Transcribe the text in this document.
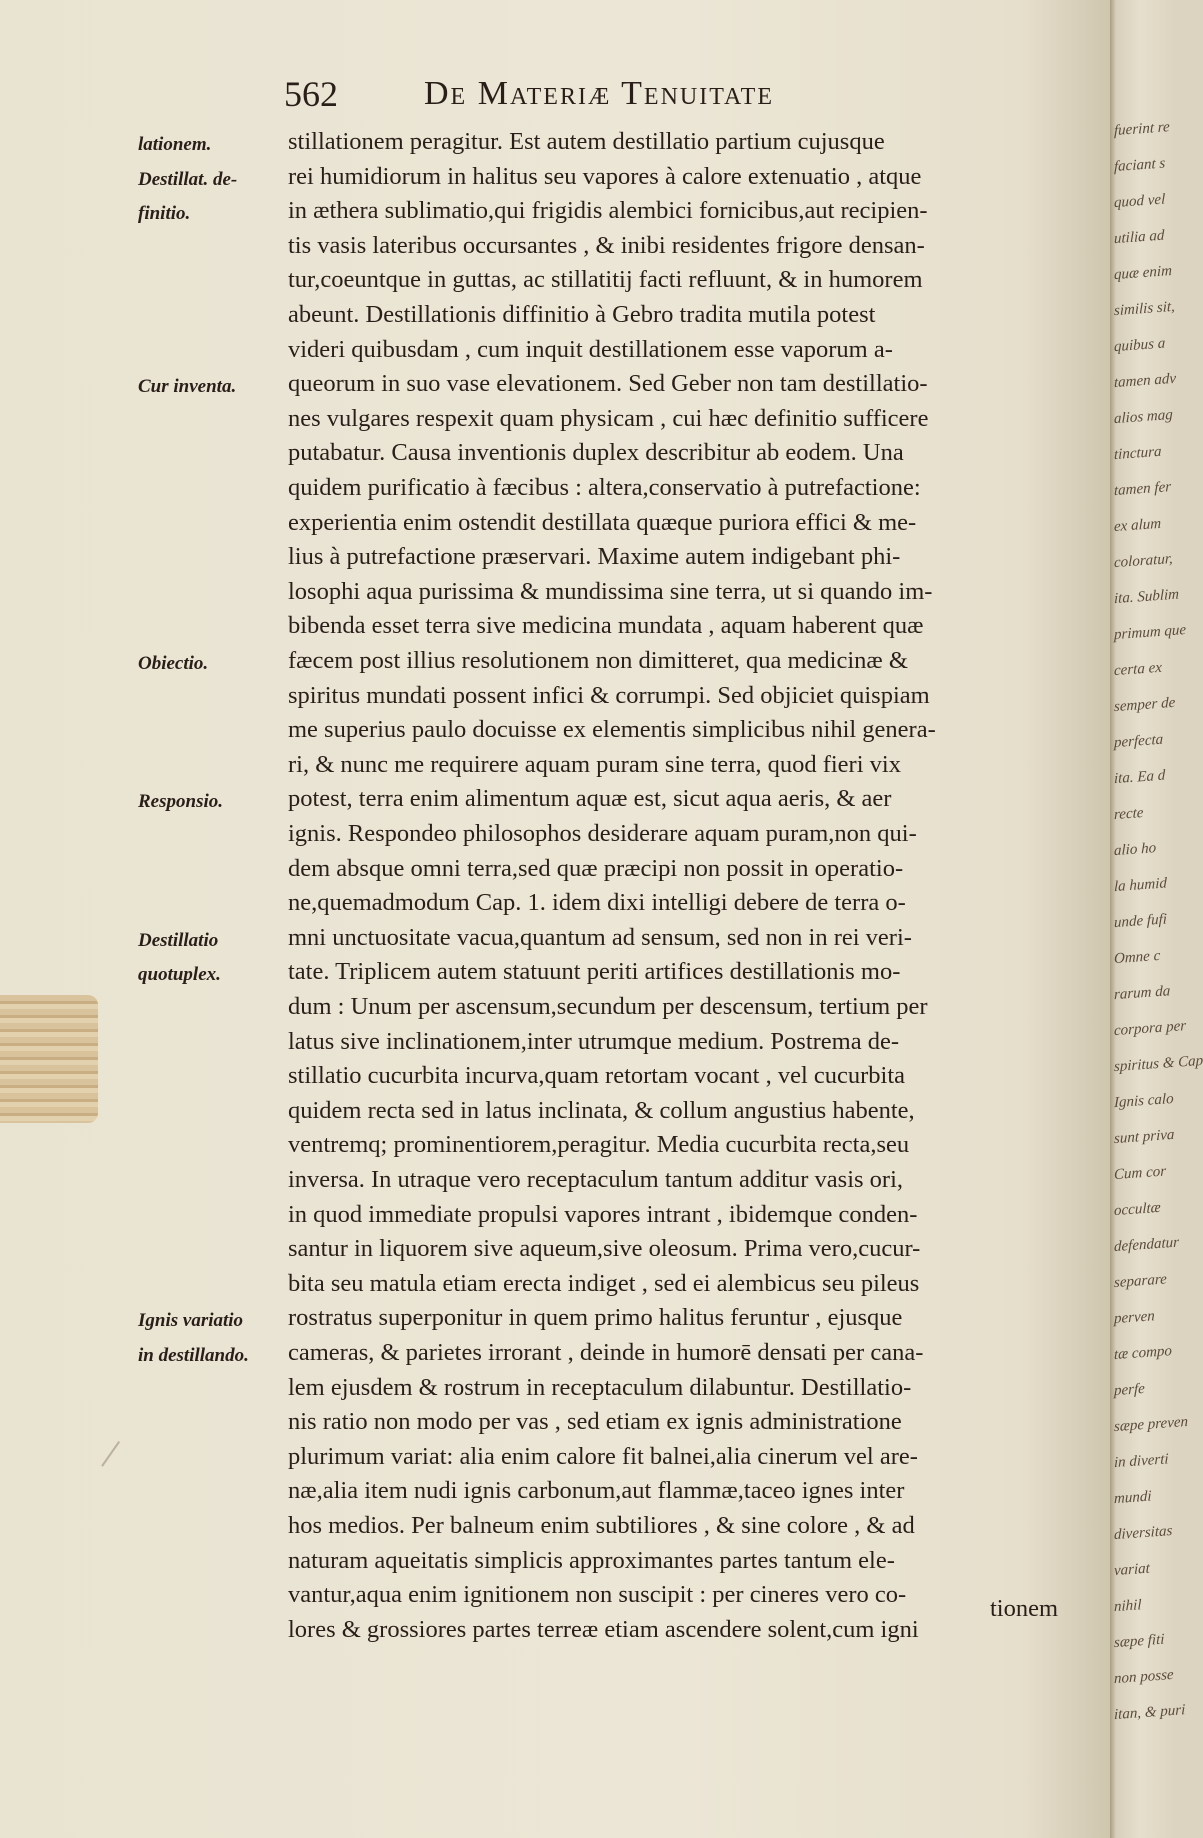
562	De Materiæ Tenuitate
lationem.
Destillat. de-
finitio.
Cur inventa.
Obiectio.
Responsio.
Destillatio
quotuplex.
Ignis variatio
in destillando.
stillationem peragitur. Est autem destillatio partium cujusque
rei humidiorum in halitus seu vapores à calore extenuatio , atque
in æthera sublimatio,qui frigidis alembici fornicibus,aut recipien-
tis vasis lateribus occursantes , & inibi residentes frigore densan-
tur,coeuntque in guttas, ac stillatitij facti refluunt, & in humorem
abeunt. Destillationis diffinitio à Gebro tradita mutila potest
videri quibusdam , cum inquit destillationem esse vaporum a-
queorum in suo vase elevationem. Sed Geber non tam destillatio-
nes vulgares respexit quam physicam , cui hæc definitio sufficere
putabatur. Causa inventionis duplex describitur ab eodem. Una
quidem purificatio à fæcibus : altera,conservatio à putrefactione:
experientia enim ostendit destillata quæque puriora effici & me-
lius à putrefactione præservari. Maxime autem indigebant phi-
losophi aqua purissima & mundissima sine terra, ut si quando im-
bibenda esset terra sive medicina mundata , aquam haberent quæ
fæcem post illius resolutionem non dimitteret, qua medicinæ &
spiritus mundati possent infici & corrumpi. Sed objiciet quispiam
me superius paulo docuisse ex elementis simplicibus nihil genera-
ri, & nunc me requirere aquam puram sine terra, quod fieri vix
potest, terra enim alimentum aquæ est, sicut aqua aeris, & aer
ignis. Respondeo philosophos desiderare aquam puram,non qui-
dem absque omni terra,sed quæ præcipi non possit in operatio-
ne,quemadmodum Cap. 1. idem dixi intelligi debere de terra o-
mni unctuositate vacua,quantum ad sensum, sed non in rei veri-
tate. Triplicem autem statuunt periti artifices destillationis mo-
dum : Unum per ascensum,secundum per descensum, tertium per
latus sive inclinationem,inter utrumque medium. Postrema de-
stillatio cucurbita incurva,quam retortam vocant , vel cucurbita
quidem recta sed in latus inclinata, & collum angustius habente,
ventremq; prominentiorem,peragitur. Media cucurbita recta,seu
inversa. In utraque vero receptaculum tantum additur vasis ori,
in quod immediate propulsi vapores intrant , ibidemque conden-
santur in liquorem sive aqueum,sive oleosum. Prima vero,cucur-
bita seu matula etiam erecta indiget , sed ei alembicus seu pileus
rostratus superponitur in quem primo halitus feruntur , ejusque
cameras, & parietes irrorant , deinde in humorē densati per cana-
lem ejusdem & rostrum in receptaculum dilabuntur. Destillatio-
nis ratio non modo per vas , sed etiam ex ignis administratione
plurimum variat: alia enim calore fit balnei,alia cinerum vel are-
næ,alia item nudi ignis carbonum,aut flammæ,taceo ignes inter
hos medios. Per balneum enim subtiliores , & sine colore , & ad
naturam aqueitatis simplicis approximantes partes tantum ele-
vantur,aqua enim ignitionem non suscipit : per cineres vero co-
lores & grossiores partes terreæ etiam ascendere solent,cum igni
tionem
fuerint re
faciant s
quod vel
utilia ad
quæ enim
similis sit,
quibus a
tamen adv
alios mag
tinctura
tamen fer
ex alum
coloratur,
ita. Sublim
primum que
certa ex
semper de
perfecta
ita. Ea d
recte
alio ho
la humid
unde fufi
Omne c
rarum da
corpora per
spiritus & Cap
Ignis calo
sunt priva
Cum cor
occultæ
defendatur
separare
perven
tæ compo
perfe
sæpe preven
in diverti
mundi
diversitas
variat
nihil
sæpe fiti
non posse
itan, & puri
